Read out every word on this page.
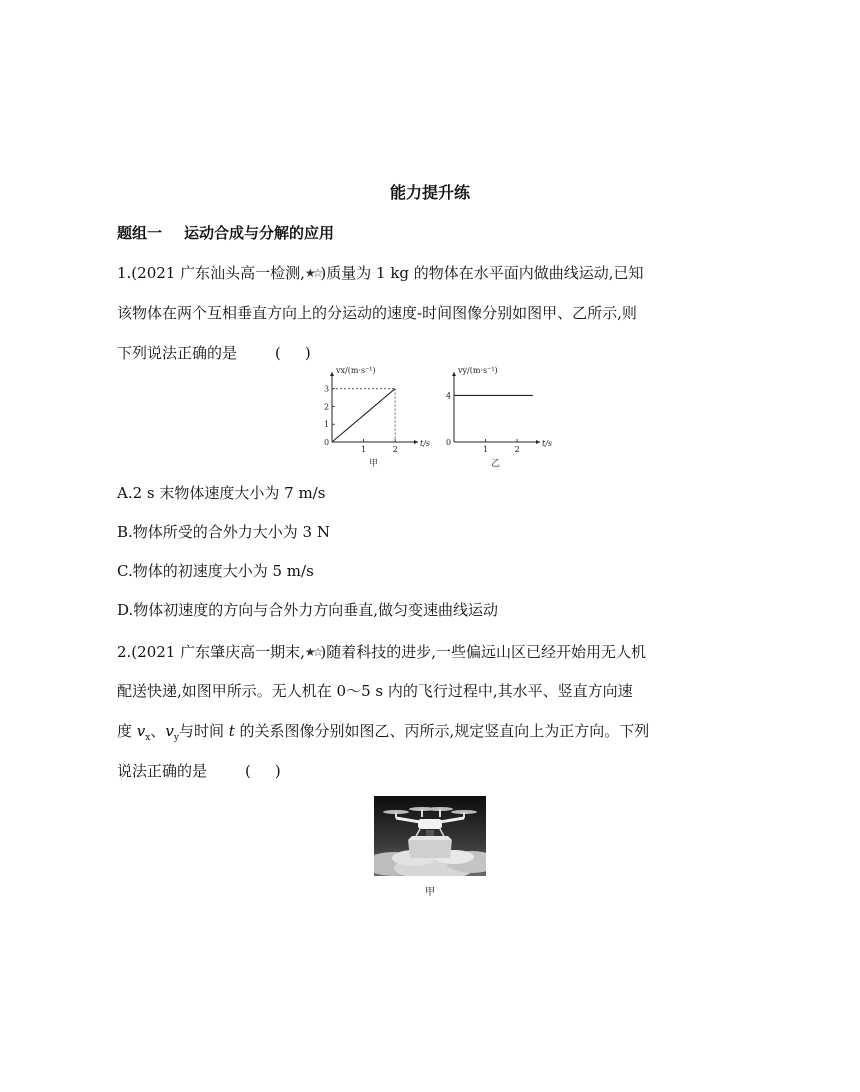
能力提升练
题组一 运动合成与分解的应用
1.(2021 广东汕头高一检测,★☆)质量为 1 kg 的物体在水平面内做曲线运动,已知
该物体在两个互相垂直方向上的分运动的速度-时间图像分别如图甲、乙所示,则
下列说法正确的是	( )
vx/(m·s⁻¹)
t/s
1	2
0
1
2
3
甲
vy/(m·s⁻¹)
t/s
1	2
0
4
乙
A.2 s 末物体速度大小为 7 m/s
B.物体所受的合外力大小为 3 N
C.物体的初速度大小为 5 m/s
D.物体初速度的方向与合外力方向垂直,做匀变速曲线运动
2.(2021 广东肇庆高一期末,★☆)随着科技的进步,一些偏远山区已经开始用无人机
配送快递,如图甲所示。无人机在 0～5 s 内的飞行过程中,其水平、竖直方向速
度 $v_x$、$v_y$与时间 t 的关系图像分别如图乙、丙所示,规定竖直向上为正方向。下列
说法正确的是	( )
甲
